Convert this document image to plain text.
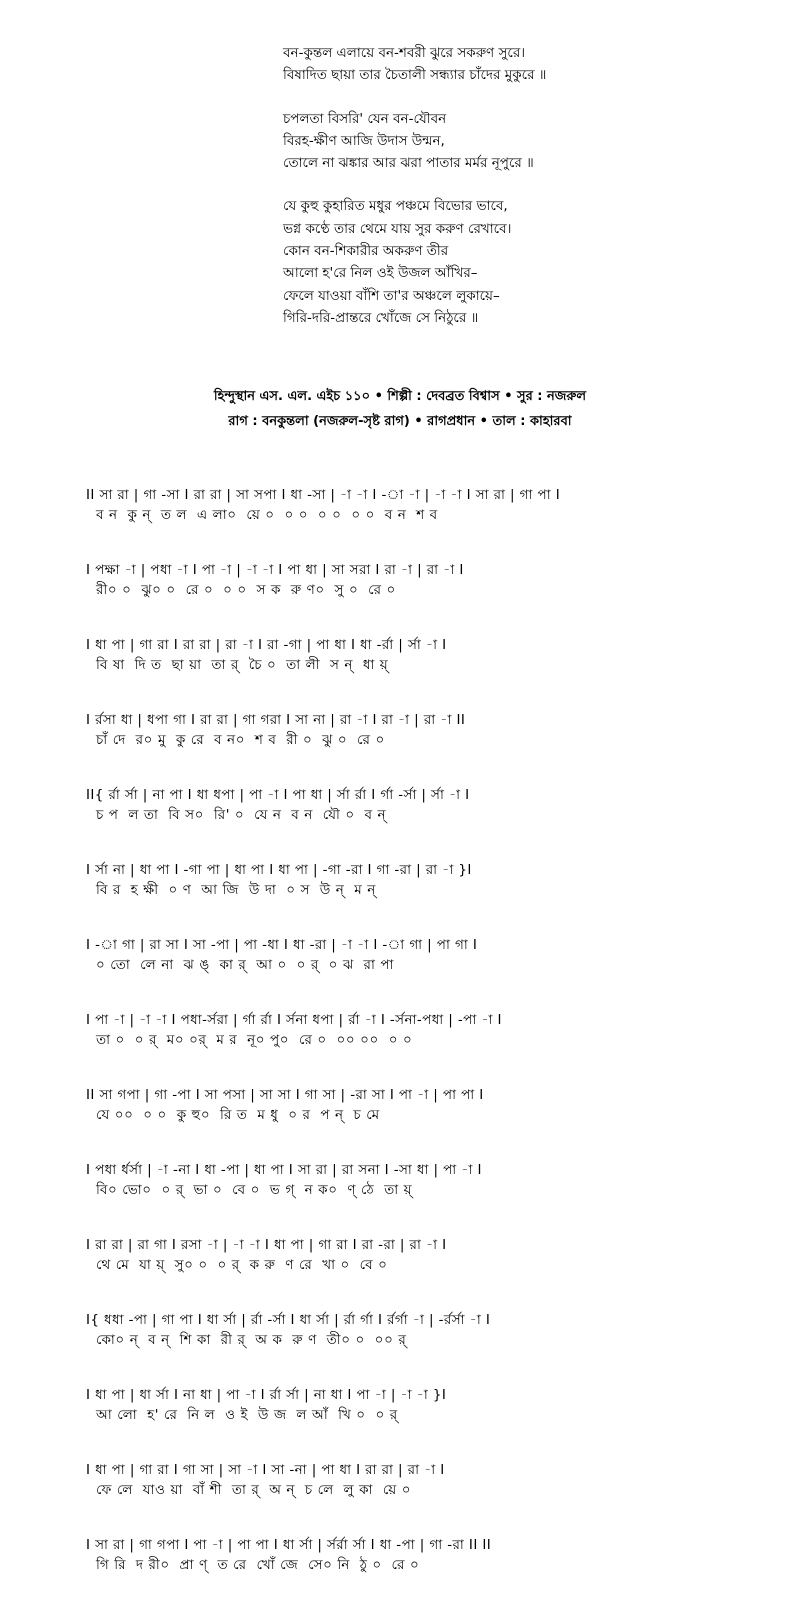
বন-কুন্তল এলায়ে বন-শবরী ঝুরে সকরুণ সুরে।
বিষাদিত ছায়া তার চৈতালী সন্ধ্যার চাঁদের মুকুরে ॥
চপলতা বিসরি' যেন বন-যৌবন
বিরহ-ক্ষীণ আজি উদাস উন্মন,
তোলে না ঝঙ্কার আর ঝরা পাতার মর্মর নূপুরে ॥
যে কুহু কুহারিত মধুর পঞ্চমে বিভোর ভাবে,
ভগ্ন কণ্ঠে তার থেমে যায় সুর করুণ রেখাবে।
কোন বন-শিকারীর অকরুণ তীর
আলো হ'রে নিল ওই উজল আঁখির–
ফেলে যাওয়া বাঁশি তা'র অঞ্চলে লুকায়ে–
গিরি-দরি-প্রান্তরে খোঁজে সে নিঠুরে ॥
হিন্দুস্থান এস. এল. এইচ ১১০ • শিল্পী : দেবব্রত বিশ্বাস • সুর : নজরুল
রাগ : বনকুন্তলা (নজরুল-সৃষ্ট রাগ) • রাগপ্রধান • তাল : কাহারবা
II সা রা | গা -সা I রা রা | সা সপা I ধা -সা | -া -া I -া -া | -া -া I সা রা | গা পা I
ব ন  কু ন্  ত ল  এ লা০  য়ে ০  ০ ০  ০ ০  ০ ০  ব ন  শ ব
I পক্ষা -া | পধা -া I পা -া | -া -া I পা ধা | সা সরা I রা -া | রা -া I
রী০ ০  ঝু০ ০  রে ০  ০ ০  স ক  রু ণ০  সু ০  রে ০
I ধা পা | গা রা I রা রা | রা -া I রা -গা | পা ধা I ধা -র্রা | র্সা -া I
বি ষা  দি ত  ছা য়া  তা র্  চৈ ০  তা লী  স ন্  ধা য়্
I র্রসা ধা | ধপা গা I রা রা | গা গরা I সা না | রা -া I রা -া | রা -া II
চাঁ দে  র০ মু  কু রে  ব ন০  শ ব  রী ০  ঝু ০  রে ০
II{ র্রা র্সা | না পা I ধা ধপা | পা -া I পা ধা | র্সা র্রা I র্গা -র্সা | র্সা -া I
চ প  ল তা  বি স০  রি' ০  যে ন  ব ন  যৌ ০  ব ন্
I র্সা না | ধা পা I -গা পা | ধা পা I ধা পা | -গা -রা I গা -রা | রা -া }I
বি র  হ ক্ষী  ০ ণ  আ জি  উ দা  ০ স  উ ন্  ম ন্
I -া গা | রা সা I সা -পা | পা -ধা I ধা -রা | -া -া I -া গা | পা গা I
০ তো  লে না  ঝ ঙ্  কা র্  আ ০  ০ র্  ০ ঝ  রা পা
I পা -া | -া -া I পধা-র্সরা | র্গা র্রা I র্সনা ধপা | র্রা -া I -র্সনা-পধা | -পা -া I
তা ০  ০ র্  ম০ ০র্  ম র  নূ০ পু০  রে ০  ০০ ০০  ০ ০
II সা গপা | গা -পা I সা পসা | সা সা I গা সা | -রা সা I পা -া | পা পা I
যে ০০  ০ ০  কু হু০  রি ত  ম ধু  ০ র  প ন্  চ মে
I পধা র্ধর্সা | -া -না I ধা -পা | ধা পা I সা রা | রা সনা I -সা ধা | পা -া I
বি০ ভো০  ০ র্  ভা ০  বে ০  ভ গ্  ন ক০  ণ্ ঠে  তা য়্
I রা রা | রা গা I রসা -া | -া -া I ধা পা | গা রা I রা -রা | রা -া I
থে মে  যা য়্  সু০ ০  ০ র্  ক রু  ণ রে  খা ০  বে ০
I{ ধধা -পা | গা পা I ধা র্সা | র্রা -র্সা I ধা র্সা | র্রা র্গা I র্রর্গা -া | -র্রর্সা -া I
কো০ ন্  ব ন্  শি কা  রী র্  অ ক  রু ণ  তী০ ০  ০০ র্
I ধা পা | ধা র্সা I না ধা | পা -া I র্রা র্সা | না ধা I পা -া | -া -া }I
আ লো  হ' রে  নি ল  ও ই  উ জ  ল আঁ  খি ০  ০ র্
I ধা পা | গা রা I গা সা | সা -া I সা -না | পা ধা I রা রা | রা -া I
ফে লে  যাও য়া  বাঁ শী  তা র্  অ ন্  চ লে  লু কা  য়ে ০
I সা রা | গা গপা I পা -া | পা পা I ধা র্সা | র্সর্রা র্সা I ধা -পা | গা -রা II II
গি রি  দ রী০  প্রা ণ্  ত রে  খোঁ জে  সে০ নি  ঠু ০  রে ০
